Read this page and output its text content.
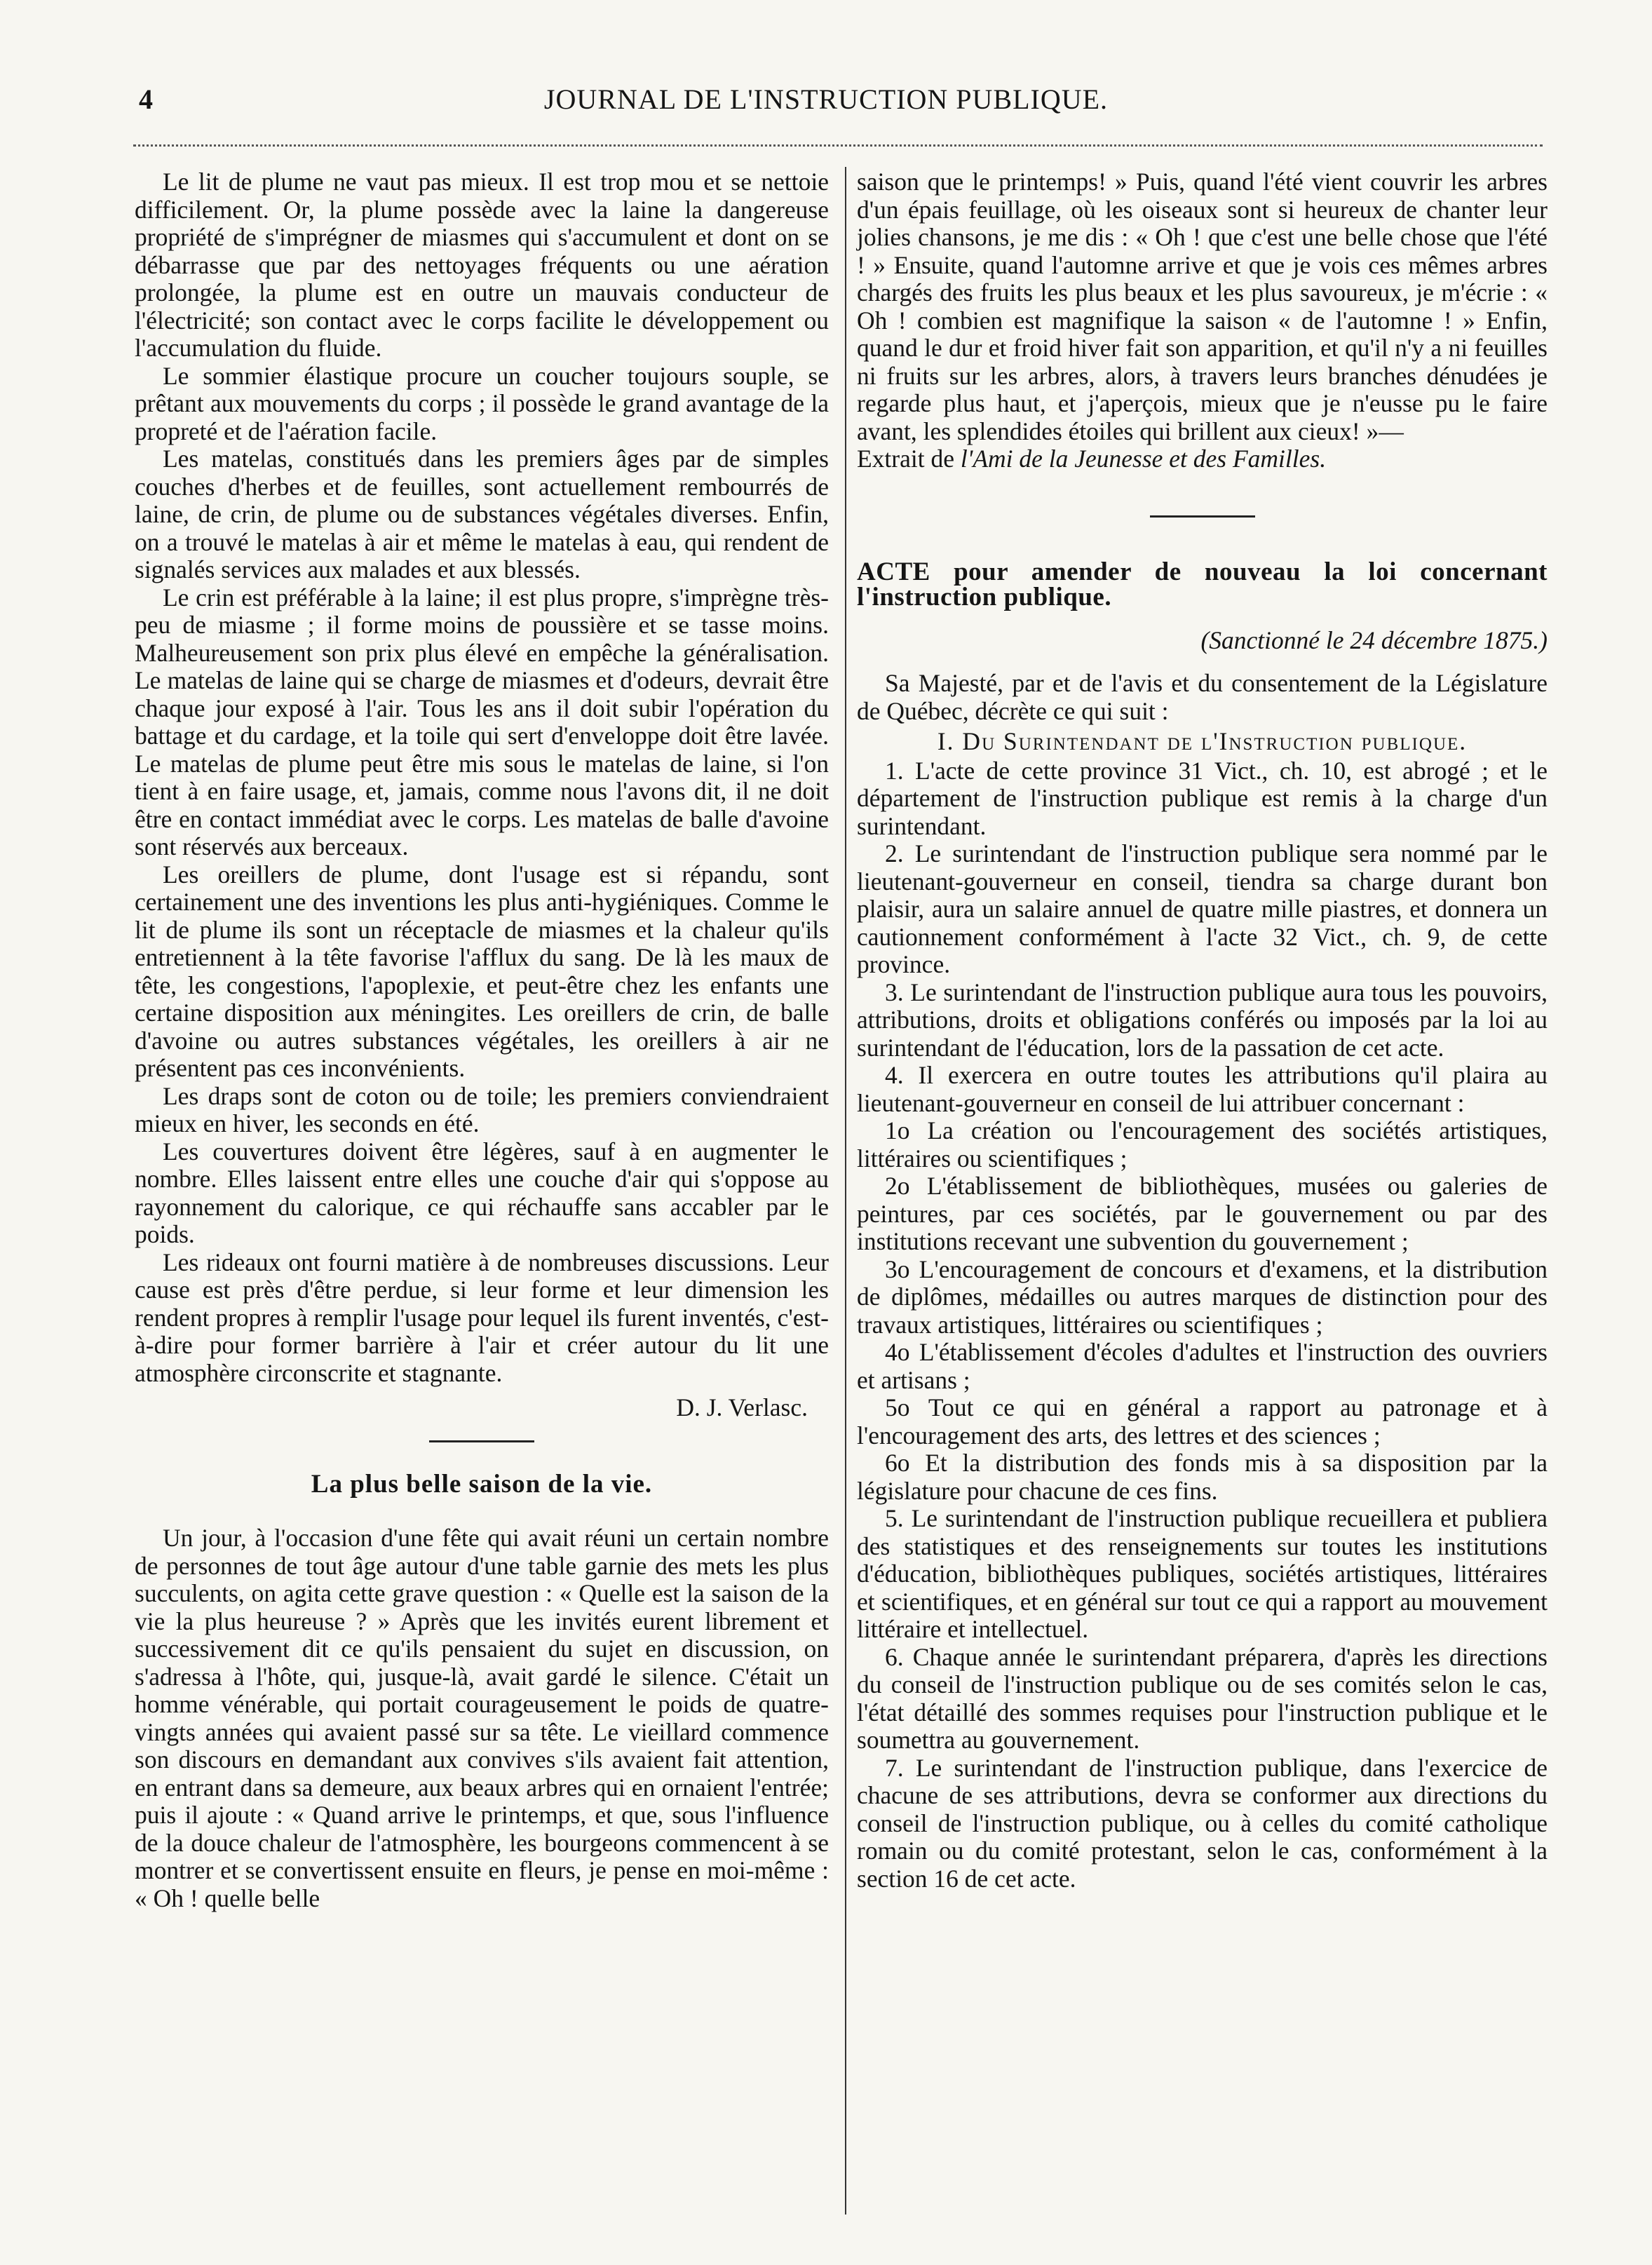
4	JOURNAL DE L'INSTRUCTION PUBLIQUE.

Le lit de plume ne vaut pas mieux. Il est trop mou et se nettoie difficilement. Or, la plume possède avec la laine la dangereuse propriété de s'imprégner de miasmes qui s'accumulent et dont on se débarrasse que par des nettoyages fréquents ou une aération prolongée, la plume est en outre un mauvais conducteur de l'électricité; son contact avec le corps facilite le développement ou l'accumulation du fluide.

Le sommier élastique procure un coucher toujours souple, se prêtant aux mouvements du corps ; il possède le grand avantage de la propreté et de l'aération facile.

Les matelas, constitués dans les premiers âges par de simples couches d'herbes et de feuilles, sont actuellement rembourrés de laine, de crin, de plume ou de substances végétales diverses. Enfin, on a trouvé le matelas à air et même le matelas à eau, qui rendent de signalés services aux malades et aux blessés.

Le crin est préférable à la laine; il est plus propre, s'imprègne très-peu de miasme ; il forme moins de poussière et se tasse moins. Malheureusement son prix plus élevé en empêche la généralisation. Le matelas de laine qui se charge de miasmes et d'odeurs, devrait être chaque jour exposé à l'air. Tous les ans il doit subir l'opération du battage et du cardage, et la toile qui sert d'enveloppe doit être lavée. Le matelas de plume peut être mis sous le matelas de laine, si l'on tient à en faire usage, et, jamais, comme nous l'avons dit, il ne doit être en contact immédiat avec le corps. Les matelas de balle d'avoine sont réservés aux berceaux.

Les oreillers de plume, dont l'usage est si répandu, sont certainement une des inventions les plus anti-hygiéniques. Comme le lit de plume ils sont un réceptacle de miasmes et la chaleur qu'ils entretiennent à la tête favorise l'afflux du sang. De là les maux de tête, les congestions, l'apoplexie, et peut-être chez les enfants une certaine disposition aux méningites. Les oreillers de crin, de balle d'avoine ou autres substances végétales, les oreillers à air ne présentent pas ces inconvénients.

Les draps sont de coton ou de toile; les premiers conviendraient mieux en hiver, les seconds en été.

Les couvertures doivent être légères, sauf à en augmenter le nombre. Elles laissent entre elles une couche d'air qui s'oppose au rayonnement du calorique, ce qui réchauffe sans accabler par le poids.

Les rideaux ont fourni matière à de nombreuses discussions. Leur cause est près d'être perdue, si leur forme et leur dimension les rendent propres à remplir l'usage pour lequel ils furent inventés, c'est-à-dire pour former barrière à l'air et créer autour du lit une atmosphère circonscrite et stagnante.

D. J. Verlasc.
La plus belle saison de la vie.

Un jour, à l'occasion d'une fête qui avait réuni un certain nombre de personnes de tout âge autour d'une table garnie des mets les plus succulents, on agita cette grave question : « Quelle est la saison de la vie la plus heureuse ? » Après que les invités eurent librement et successivement dit ce qu'ils pensaient du sujet en discussion, on s'adressa à l'hôte, qui, jusque-là, avait gardé le silence. C'était un homme vénérable, qui portait courageusement le poids de quatre-vingts années qui avaient passé sur sa tête. Le vieillard commence son discours en demandant aux convives s'ils avaient fait attention, en entrant dans sa demeure, aux beaux arbres qui en ornaient l'entrée; puis il ajoute : « Quand arrive le printemps, et que, sous l'influence de la douce chaleur de l'atmosphère, les bourgeons commencent à se montrer et se convertissent ensuite en fleurs, je pense en moi-même : « Oh ! quelle belle

saison que le printemps! » Puis, quand l'été vient couvrir les arbres d'un épais feuillage, où les oiseaux sont si heureux de chanter leur jolies chansons, je me dis : « Oh ! que c'est une belle chose que l'été ! » Ensuite, quand l'automne arrive et que je vois ces mêmes arbres chargés des fruits les plus beaux et les plus savoureux, je m'écrie : « Oh ! combien est magnifique la saison « de l'automne ! » Enfin, quand le dur et froid hiver fait son apparition, et qu'il n'y a ni feuilles ni fruits sur les arbres, alors, à travers leurs branches dénudées je regarde plus haut, et j'aperçois, mieux que je n'eusse pu le faire avant, les splendides étoiles qui brillent aux cieux! »—

Extrait de l'Ami de la Jeunesse et des Familles.

ACTE pour amender de nouveau la loi concernant l'instruction publique.
(Sanctionné le 24 décembre 1875.)

Sa Majesté, par et de l'avis et du consentement de la Législature de Québec, décrète ce qui suit :

I. Du Surintendant de l'Instruction publique.

1. L'acte de cette province 31 Vict., ch. 10, est abrogé ; et le département de l'instruction publique est remis à la charge d'un surintendant.

2. Le surintendant de l'instruction publique sera nommé par le lieutenant-gouverneur en conseil, tiendra sa charge durant bon plaisir, aura un salaire annuel de quatre mille piastres, et donnera un cautionnement conformément à l'acte 32 Vict., ch. 9, de cette province.

3. Le surintendant de l'instruction publique aura tous les pouvoirs, attributions, droits et obligations conférés ou imposés par la loi au surintendant de l'éducation, lors de la passation de cet acte.

4. Il exercera en outre toutes les attributions qu'il plaira au lieutenant-gouverneur en conseil de lui attribuer concernant :

1o La création ou l'encouragement des sociétés artistiques, littéraires ou scientifiques ;

2o L'établissement de bibliothèques, musées ou galeries de peintures, par ces sociétés, par le gouvernement ou par des institutions recevant une subvention du gouvernement ;

3o L'encouragement de concours et d'examens, et la distribution de diplômes, médailles ou autres marques de distinction pour des travaux artistiques, littéraires ou scientifiques ;

4o L'établissement d'écoles d'adultes et l'instruction des ouvriers et artisans ;

5o Tout ce qui en général a rapport au patronage et à l'encouragement des arts, des lettres et des sciences ;

6o Et la distribution des fonds mis à sa disposition par la législature pour chacune de ces fins.

5. Le surintendant de l'instruction publique recueillera et publiera des statistiques et des renseignements sur toutes les institutions d'éducation, bibliothèques publiques, sociétés artistiques, littéraires et scientifiques, et en général sur tout ce qui a rapport au mouvement littéraire et intellectuel.

6. Chaque année le surintendant préparera, d'après les directions du conseil de l'instruction publique ou de ses comités selon le cas, l'état détaillé des sommes requises pour l'instruction publique et le soumettra au gouvernement.

7. Le surintendant de l'instruction publique, dans l'exercice de chacune de ses attributions, devra se conformer aux directions du conseil de l'instruction publique, ou à celles du comité catholique romain ou du comité protestant, selon le cas, conformément à la section 16 de cet acte.
